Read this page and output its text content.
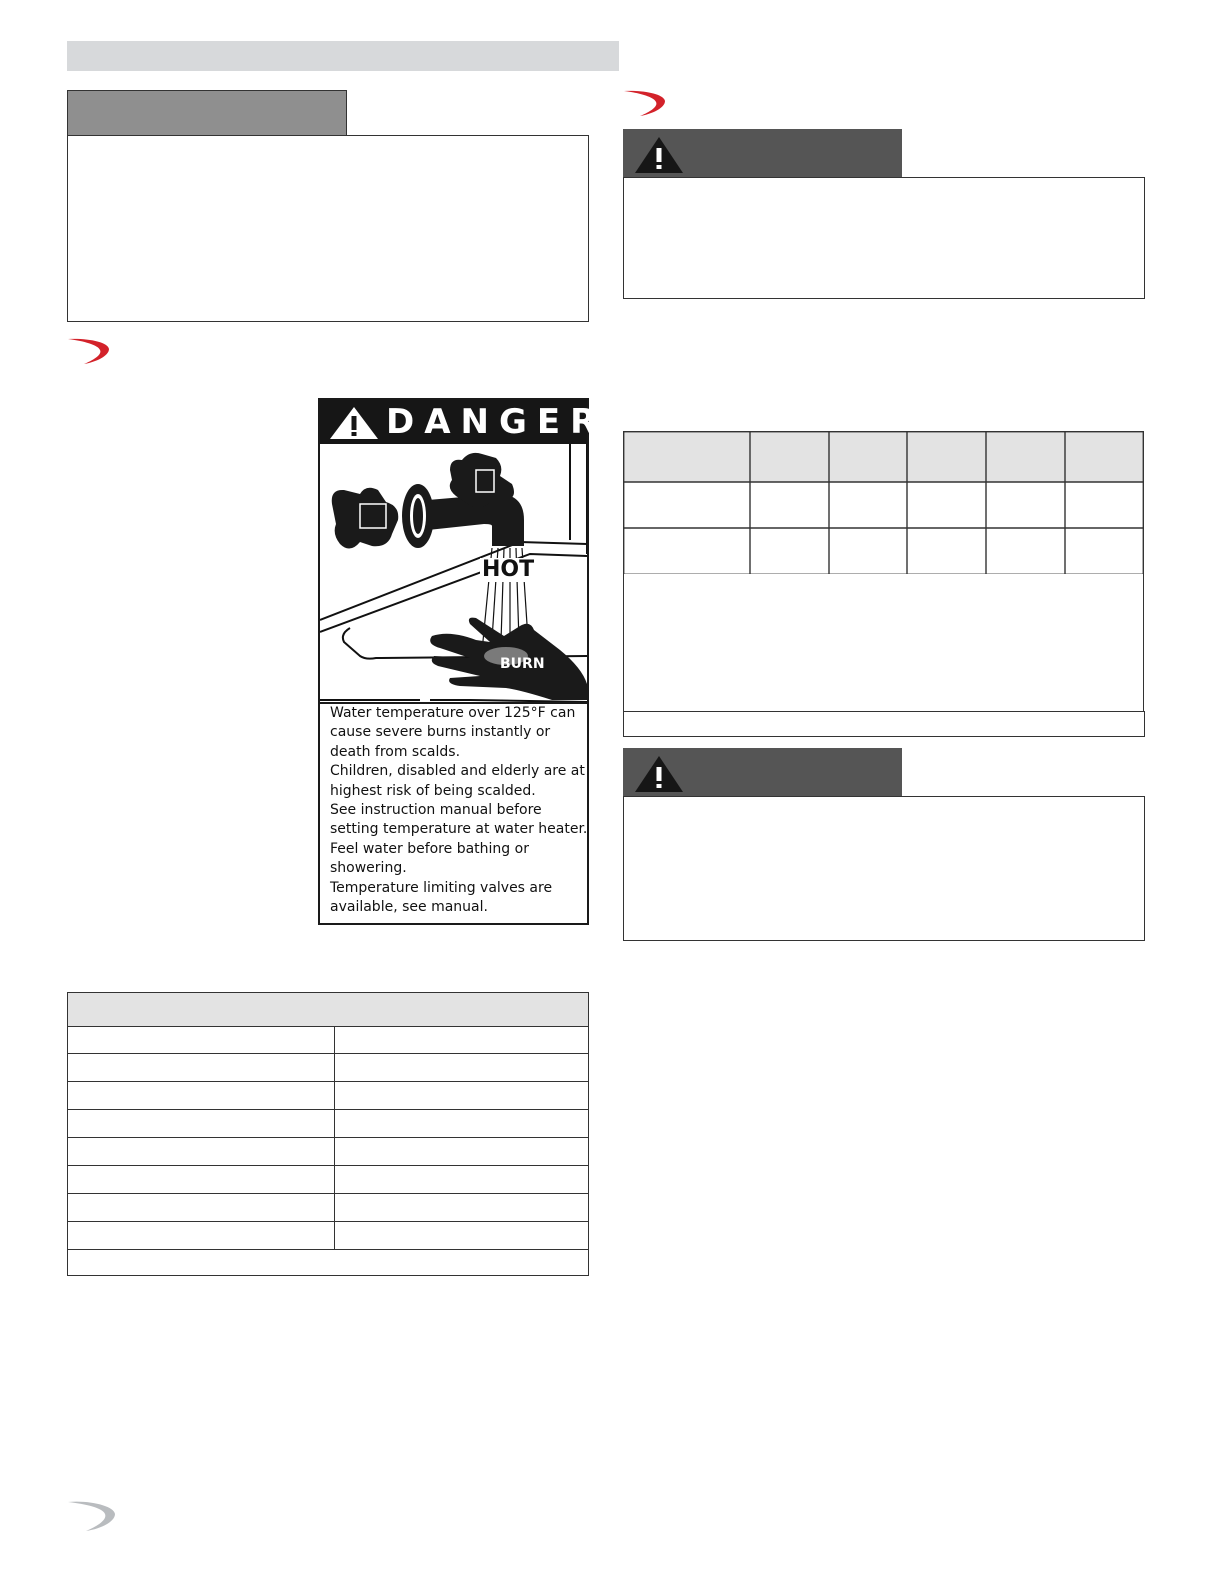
DANGER
HOT
BURN
Water temperature over 125°F can
cause severe burns instantly or
death from scalds.
Children, disabled and elderly are at
highest risk of being scalded.
See instruction manual before
setting temperature at water heater.
Feel water before bathing or
showering.
Temperature limiting valves are
available, see manual.
